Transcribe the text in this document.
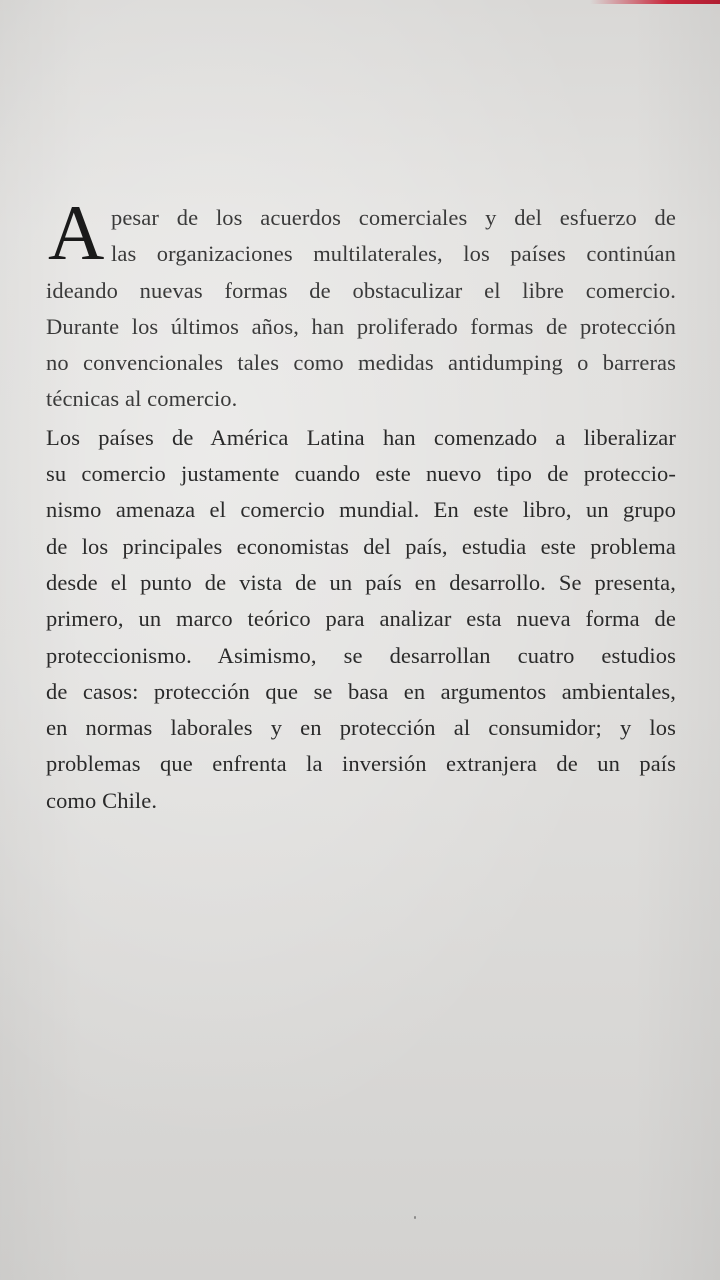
A pesar de los acuerdos comerciales y del esfuerzo de
las organizaciones multilaterales, los países continúan
ideando nuevas formas de obstaculizar el libre comercio.
Durante los últimos años, han proliferado formas de protección
no convencionales tales como medidas antidumping o barreras
técnicas al comercio.
Los países de América Latina han comenzado a liberalizar
su comercio justamente cuando este nuevo tipo de proteccio-
nismo amenaza el comercio mundial. En este libro, un grupo
de los principales economistas del país, estudia este problema
desde el punto de vista de un país en desarrollo. Se presenta,
primero, un marco teórico para analizar esta nueva forma de
proteccionismo. Asimismo, se desarrollan cuatro estudios
de casos: protección que se basa en argumentos ambientales,
en normas laborales y en protección al consumidor; y los
problemas que enfrenta la inversión extranjera de un país
como Chile.
